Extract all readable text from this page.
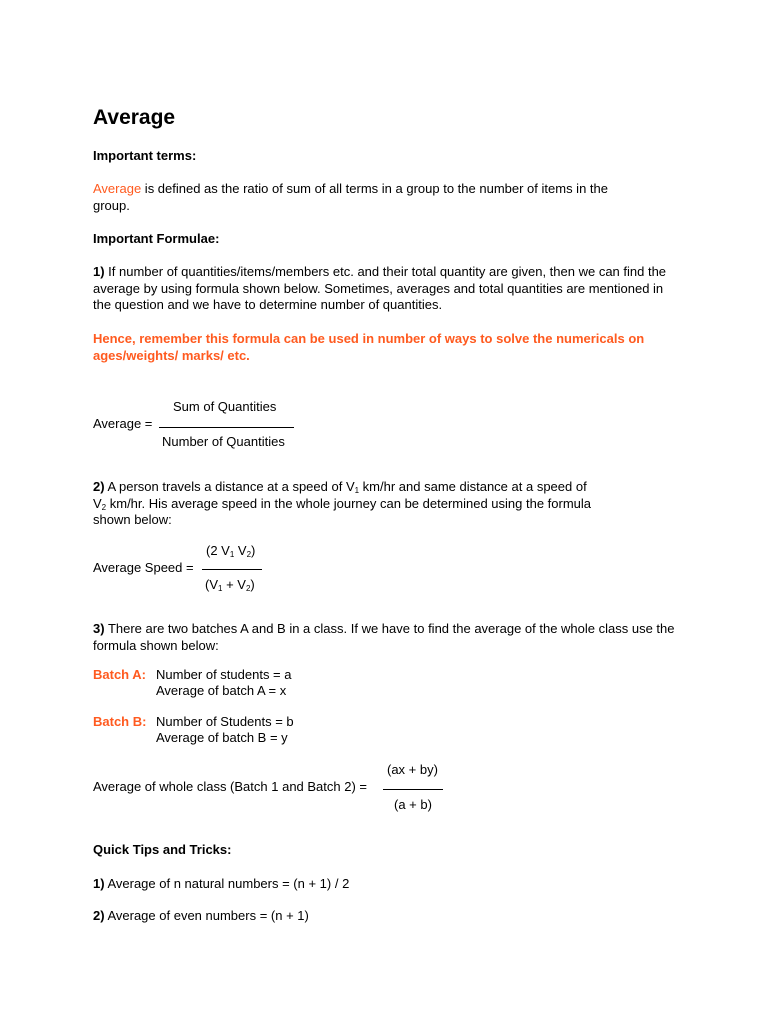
Average
Important terms:
Average is defined as the ratio of sum of all terms in a group to the number of items in the
group.
Important Formulae:
1) If number of quantities/items/members etc. and their total quantity are given, then we can find the average by using formula shown below. Sometimes, averages and total quantities are mentioned in the question and we have to determine number of quantities.
Hence, remember this formula can be used in number of ways to solve the numericals on ages/weights/ marks/ etc.
Average =
Sum of Quantities
Number of Quantities
2) A person travels a distance at a speed of $V_1$ km/hr and same distance at a speed of
$V_2$ km/hr. His average speed in the whole journey can be determined using the formula
shown below:
Average Speed =
(2 $V_1$ $V_2$)
$(V_1 + V_2)$
3) There are two batches A and B in a class. If we have to find the average of the whole class use the formula shown below:
Batch A: Number of students = a
Average of batch A = x
Batch B: Number of Students = b
Average of batch B = y
Average of whole class (Batch 1 and Batch 2) =
(ax + by)
(a + b)
Quick Tips and Tricks:
1) Average of n natural numbers = (n + 1) / 2
2) Average of even numbers = (n + 1)
